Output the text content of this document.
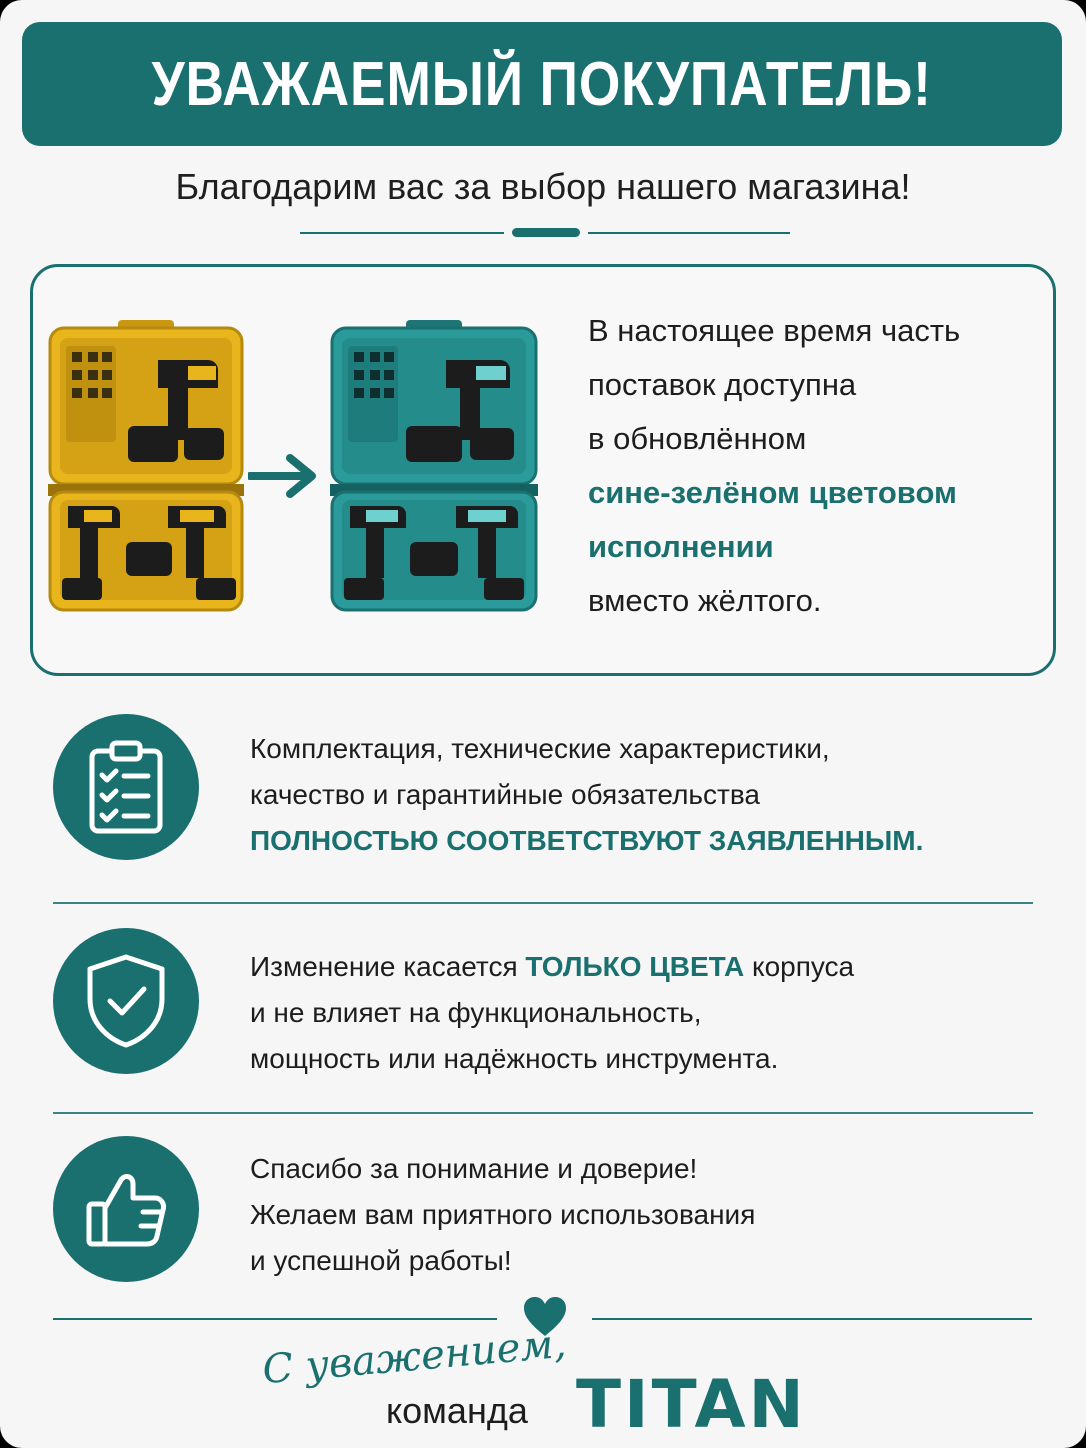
УВАЖАЕМЫЙ ПОКУПАТЕЛЬ!
Благодарим вас за выбор нашего магазина!
В настоящее время часть
поставок доступна
в обновлённом
сине-зелёном цветовом
исполнении
вместо жёлтого.
Комплектация, технические характеристики,
качество и гарантийные обязательства
ПОЛНОСТЬЮ СООТВЕТСТВУЮТ ЗАЯВЛЕННЫМ.
Изменение касается ТОЛЬКО ЦВЕТА корпуса
и не влияет на функциональность,
мощность или надёжность инструмента.
Спасибо за понимание и доверие!
Желаем вам приятного использования
и успешной работы!
С уважением,
команда TITAN
